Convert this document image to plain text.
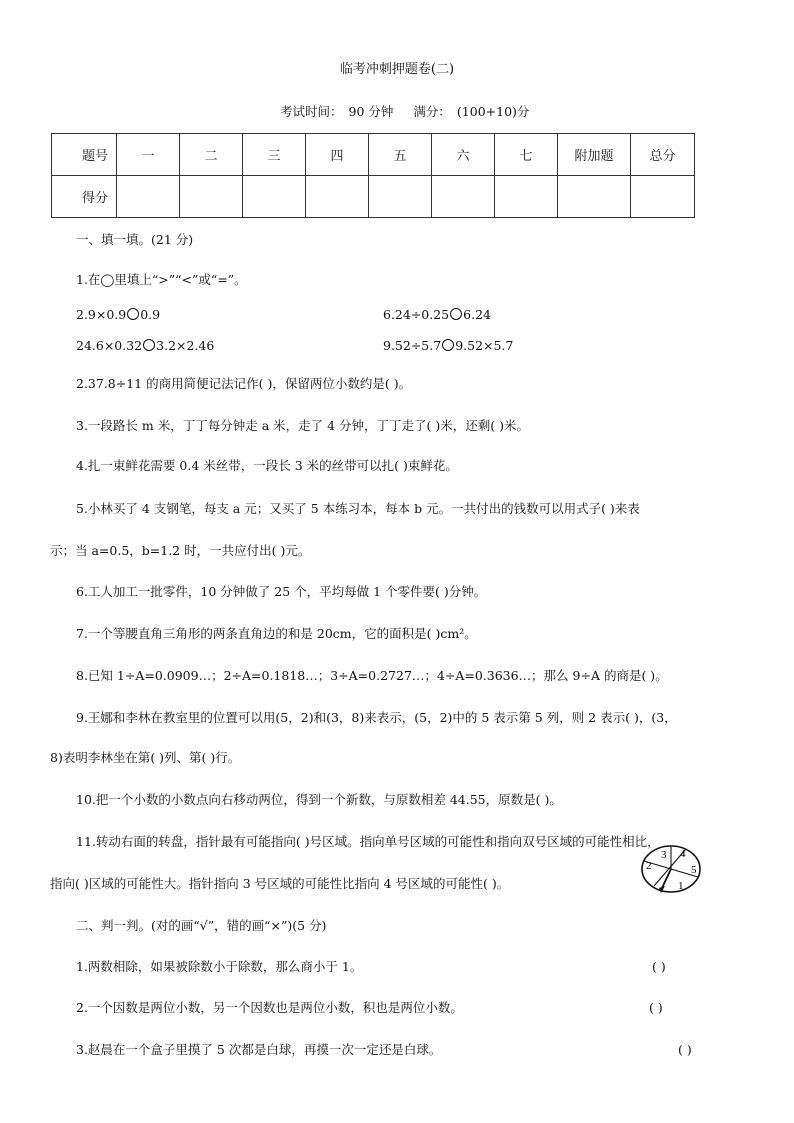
临考冲刺押题卷(二)
考试时间： 90 分钟 满分： (100+10)分
题号	一	二	三	四	五	六	七	附加题	总分
得分									
一、填一填。(21 分)
1.在◯里填上“>”“<”或“=”。
2.9×0.9 0.9	6.24÷0.25 6.24
24.6×0.32 3.2×2.46	9.52÷5.7 9.52×5.7
2.37.8÷11 的商用简便记法记作( )，保留两位小数约是( )。
3.一段路长 m 米，丁丁每分钟走 a 米，走了 4 分钟，丁丁走了( )米，还剩( )米。
4.扎一束鲜花需要 0.4 米丝带，一段长 3 米的丝带可以扎( )束鲜花。
5.小林买了 4 支钢笔，每支 a 元；又买了 5 本练习本，每本 b 元。一共付出的钱数可以用式子( )来表
示；当 a=0.5，b=1.2 时，一共应付出( )元。
6.工人加工一批零件，10 分钟做了 25 个，平均每做 1 个零件要( )分钟。
7.一个等腰直角三角形的两条直角边的和是 20cm，它的面积是( )cm²。
8.已知 1÷A=0.0909…；2÷A=0.1818…；3÷A=0.2727…；4÷A=0.3636…；那么 9÷A 的商是( )。
9.王娜和李林在教室里的位置可以用(5，2)和(3，8)来表示，(5，2)中的 5 表示第 5 列，则 2 表示( )，(3，
8)表明李林坐在第( )列、第( )行。
10.把一个小数的小数点向右移动两位，得到一个新数，与原数相差 44.55，原数是( )。
11.转动右面的转盘，指针最有可能指向( )号区域。指向单号区域的可能性和指向双号区域的可能性相比，
指向( )区域的可能性大。指针指向 3 号区域的可能性比指向 4 号区域的可能性( )。	1
2
3 4
5
二、判一判。(对的画“√”，错的画“×”)(5 分)
1.两数相除，如果被除数小于除数，那么商小于 1。	( )
2.一个因数是两位小数，另一个因数也是两位小数，积也是两位小数。	( )
3.赵晨在一个盒子里摸了 5 次都是白球，再摸一次一定还是白球。	( )
